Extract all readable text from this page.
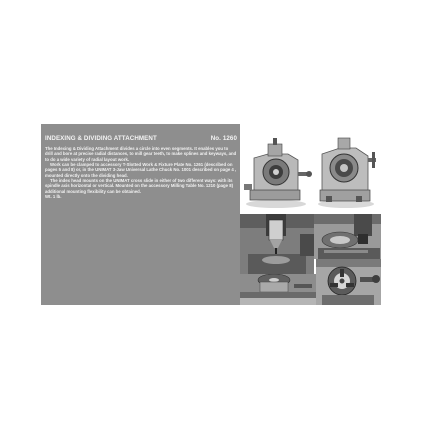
INDEXING & DIVIDING ATTACHMENT	No. 1260

The Indexing & Dividing Attachment divides a circle into even segments. It enables you to drill and bore at precise radial distances, to mill gear teeth, to make splines and keyways, and to do a wide variety of radial layout work.

Work can be clamped to accessory T-Slotted Work & Fixture Plate No. 1261 (described on pages 5 and 8) or, in the UNIMAT 3-Jaw Universal Lathe Chuck No. 1001 described on page 4 , mounted directly onto the dividing head.

The index head mounts on the UNIMAT cross slide in either of two different ways: with its spindle axis horizontal or vertical. Mounted on the accessory Milling Table No. 1210 (page 8) additional mounting flexibility can be obtained.

Wt. 1 lb.
